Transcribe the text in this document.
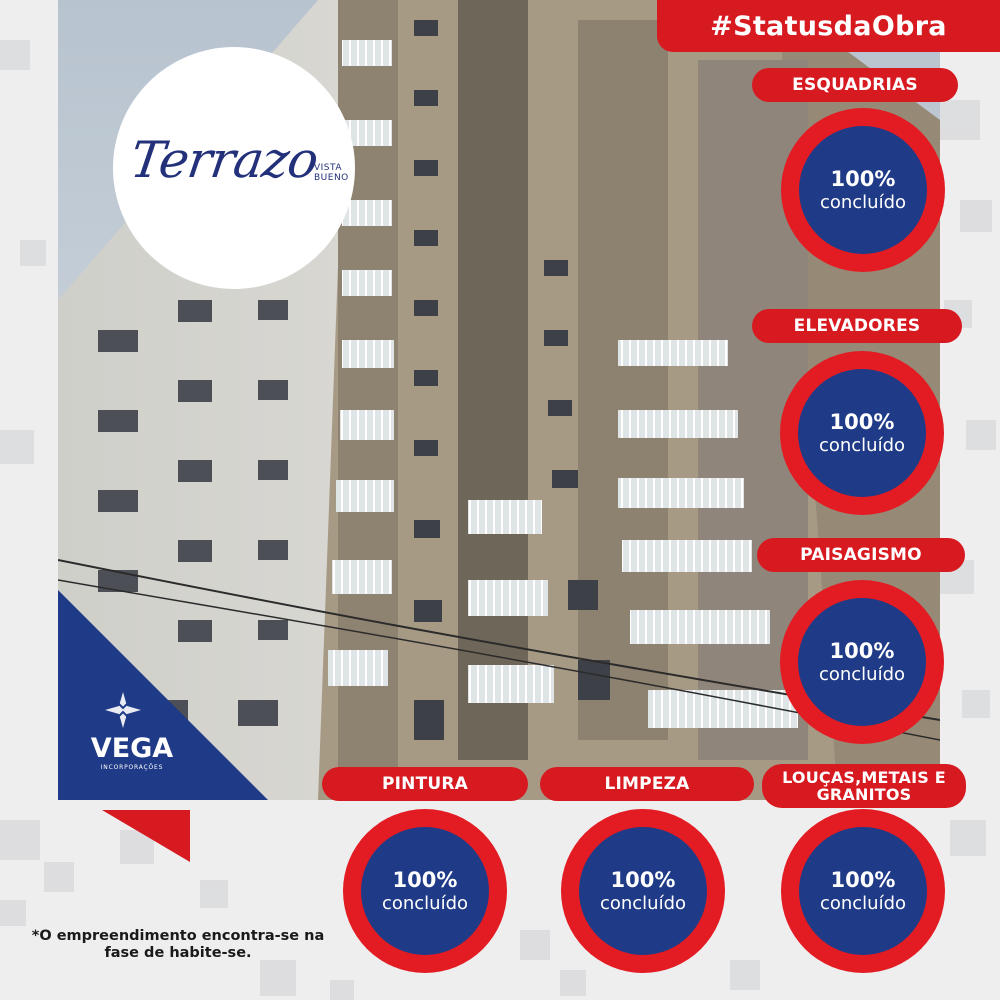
Terrazo
VISTA
BUENO
VEGA
INCORPORAÇÕES
#StatusdaObra
ESQUADRIAS
100%
concluído
ELEVADORES
100%
concluído
PAISAGISMO
100%
concluído
PINTURA
100%
concluído
LIMPEZA
100%
concluído
LOUÇAS,METAIS E GRANITOS
100%
concluído
*O empreendimento encontra-se na fase de habite-se.
